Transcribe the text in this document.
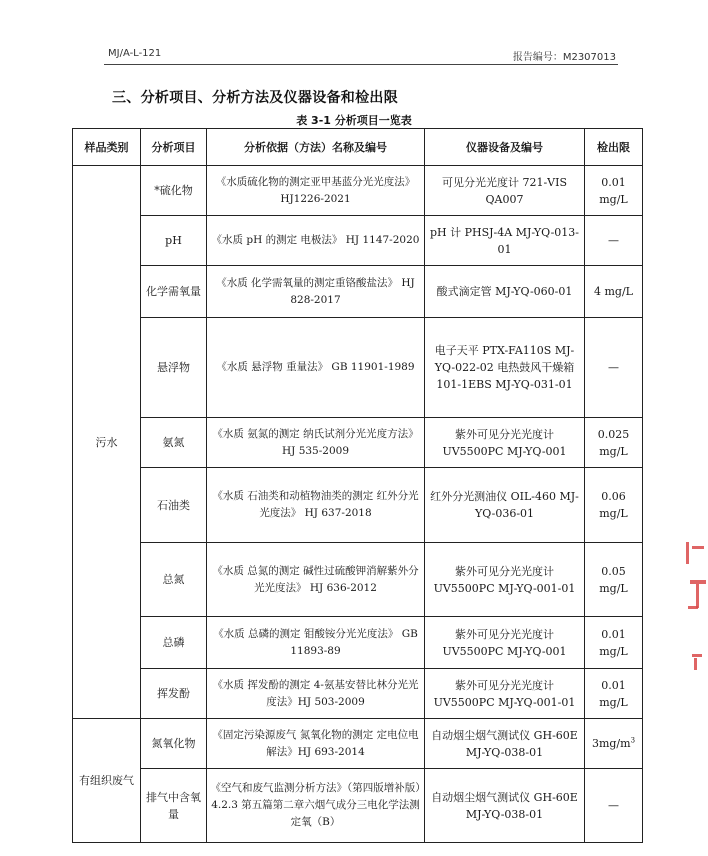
MJ/A-L-121	报告编号：M2307013
三、分析项目、分析方法及仪器设备和检出限
表 3-1 分析项目一览表
样品类别	分析项目	分析依据（方法）名称及编号	仪器设备及编号	检出限
污水	*硫化物	《水质硫化物的测定亚甲基蓝分光光度法》HJ1226-2021	可见分光光度计 721-VIS QA007	0.01 mg/L
	pH	《水质 pH 的测定 电极法》 HJ 1147-2020	pH 计 PHSJ-4A MJ-YQ-013-01	—
	化学需氧量	《水质 化学需氧量的测定重铬酸盐法》 HJ 828-2017	酸式滴定管 MJ-YQ-060-01	4 mg/L
	悬浮物	《水质 悬浮物 重量法》 GB 11901-1989	电子天平 PTX-FA110S MJ-YQ-022-02 电热鼓风干燥箱 101-1EBS MJ-YQ-031-01	—
	氨氮	《水质 氨氮的测定 纳氏试剂分光光度方法》 HJ 535-2009	紫外可见分光光度计 UV5500PC MJ-YQ-001	0.025 mg/L
	石油类	《水质 石油类和动植物油类的测定 红外分光光度法》 HJ 637-2018	红外分光测油仪 OIL-460 MJ-YQ-036-01	0.06 mg/L
	总氮	《水质 总氮的测定 碱性过硫酸钾消解紫外分光光度法》 HJ 636-2012	紫外可见分光光度计 UV5500PC MJ-YQ-001-01	0.05 mg/L
	总磷	《水质 总磷的测定 钼酸铵分光光度法》 GB 11893-89	紫外可见分光光度计 UV5500PC MJ-YQ-001	0.01 mg/L
	挥发酚	《水质 挥发酚的测定 4-氨基安替比林分光光度法》HJ 503-2009	紫外可见分光光度计 UV5500PC MJ-YQ-001-01	0.01 mg/L
有组织废气	氮氧化物	《固定污染源废气 氮氧化物的测定 定电位电解法》HJ 693-2014	自动烟尘烟气测试仪 GH-60E MJ-YQ-038-01	$3mg/m^3$
	排气中含氧量	《空气和废气监测分析方法》（第四版增补版）4.2.3 第五篇第二章六烟气成分三电化学法测定氧（B）	自动烟尘烟气测试仪 GH-60E MJ-YQ-038-01	—
